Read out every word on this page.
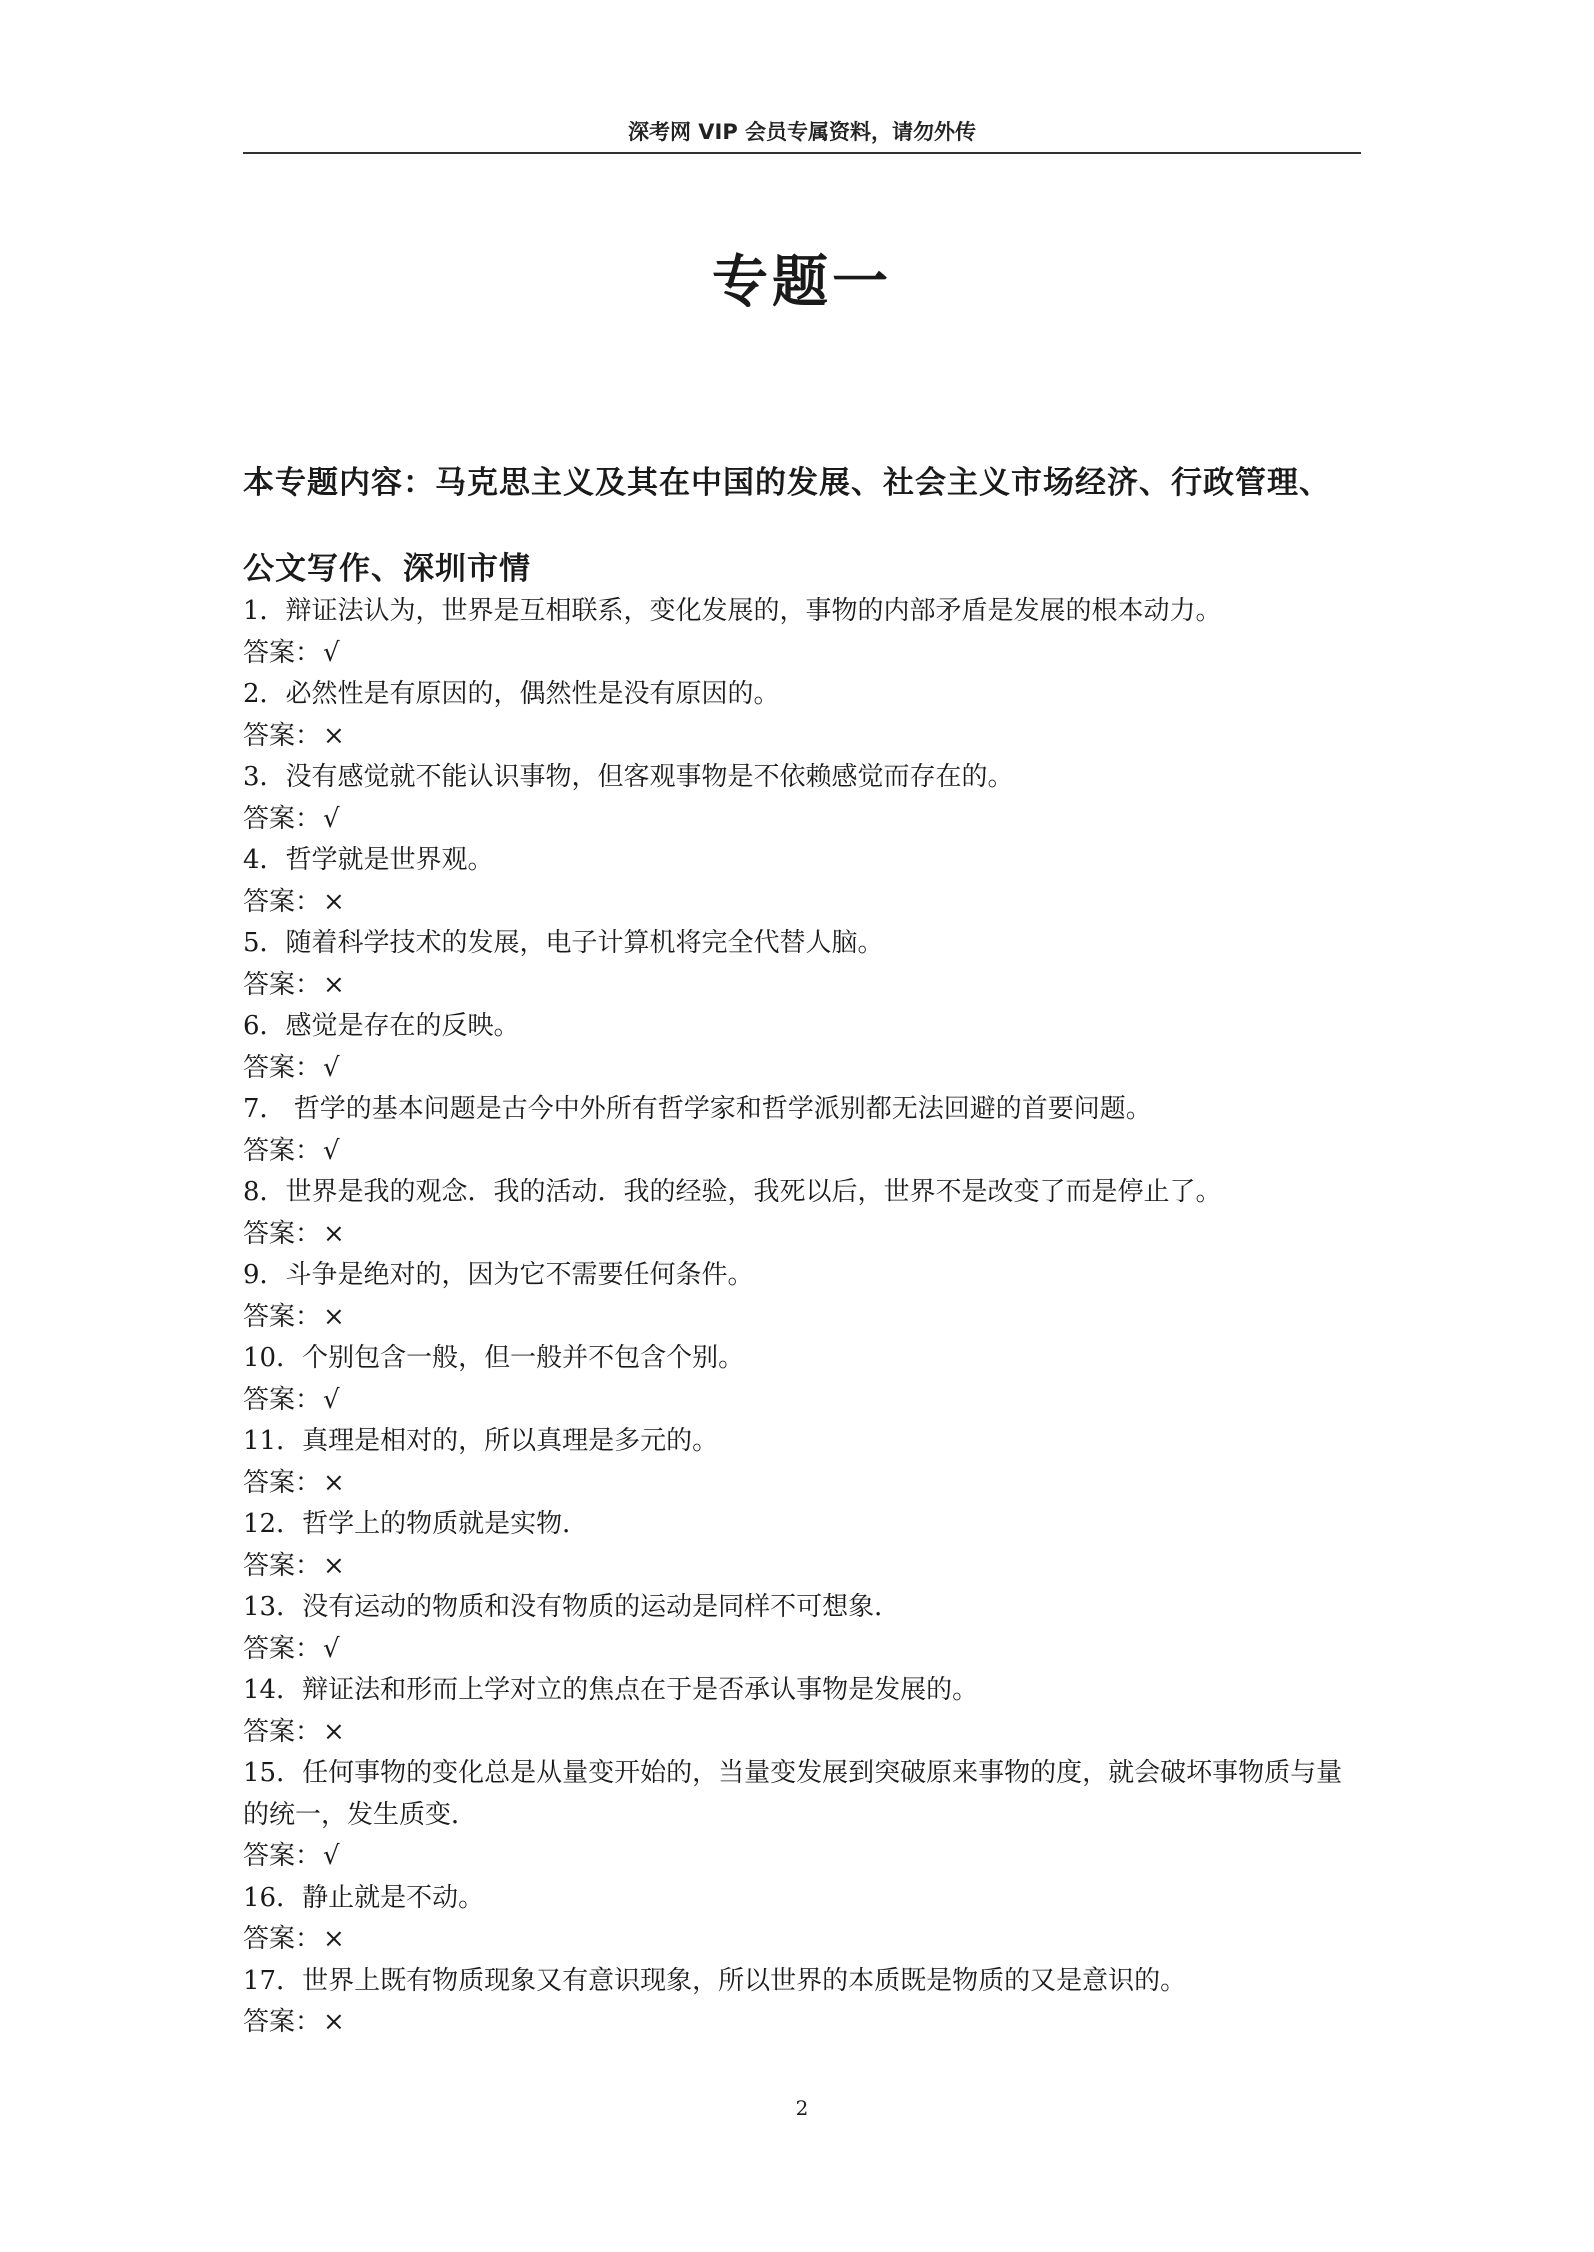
深考网 VIP 会员专属资料，请勿外传
专题一
本专题内容：马克思主义及其在中国的发展、社会主义市场经济、行政管理、公文写作、深圳市情
1．辩证法认为，世界是互相联系，变化发展的，事物的内部矛盾是发展的根本动力。
答案：√
2．必然性是有原因的，偶然性是没有原因的。
答案：×
3．没有感觉就不能认识事物，但客观事物是不依赖感觉而存在的。
答案：√
4．哲学就是世界观。
答案：×
5．随着科学技术的发展，电子计算机将完全代替人脑。
答案：×
6．感觉是存在的反映。
答案：√
7． 哲学的基本问题是古今中外所有哲学家和哲学派别都无法回避的首要问题。
答案：√
8．世界是我的观念．我的活动．我的经验，我死以后，世界不是改变了而是停止了。
答案：×
9．斗争是绝对的，因为它不需要任何条件。
答案：×
10．个别包含一般，但一般并不包含个别。
答案：√
11．真理是相对的，所以真理是多元的。
答案：×
12．哲学上的物质就是实物．
答案：×
13．没有运动的物质和没有物质的运动是同样不可想象．
答案：√
14．辩证法和形而上学对立的焦点在于是否承认事物是发展的。
答案：×
15．任何事物的变化总是从量变开始的，当量变发展到突破原来事物的度，就会破坏事物质与量的统一，发生质变．
答案：√
16．静止就是不动。
答案：×
17．世界上既有物质现象又有意识现象，所以世界的本质既是物质的又是意识的。
答案：×
2
